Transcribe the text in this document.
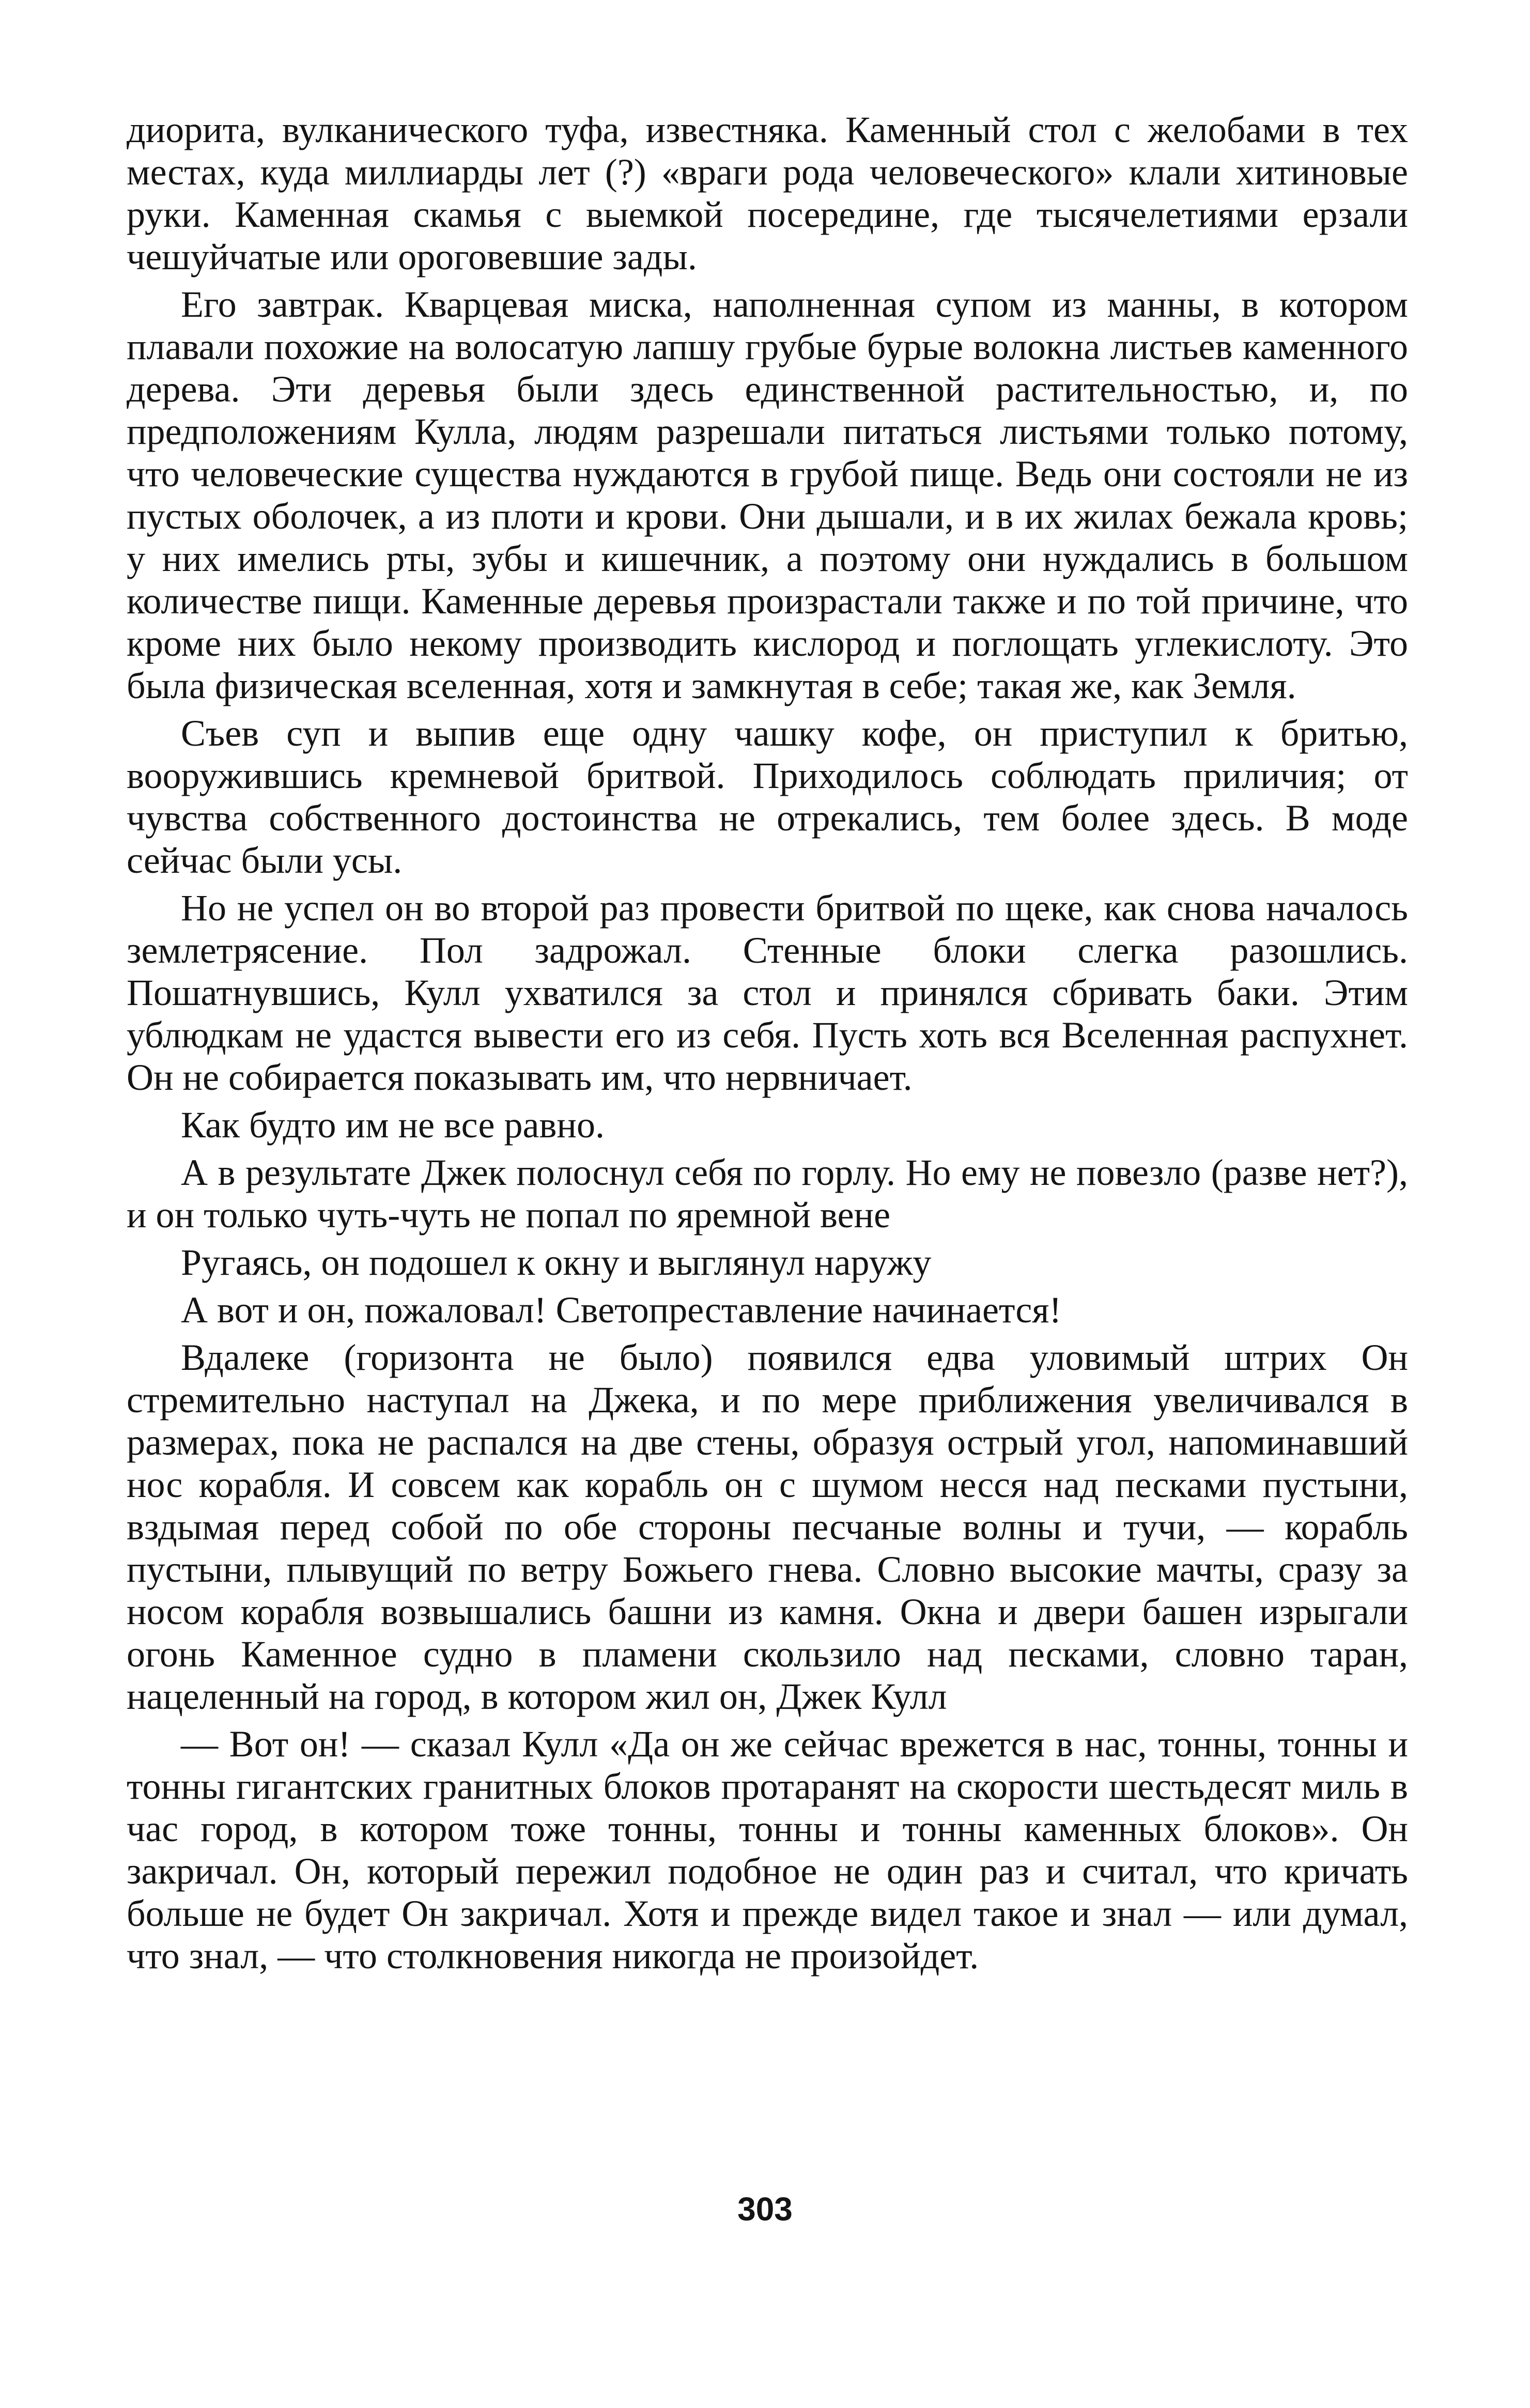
диорита, вулканического туфа, известняка. Каменный стол с желобами в тех местах, куда миллиарды лет (?) «враги рода человеческого» клали хитиновые руки. Каменная скамья с выемкой посередине, где тысячелетиями ерзали чешуйчатые или ороговевшие зады.

Его завтрак. Кварцевая миска, наполненная супом из манны, в котором плавали похожие на волосатую лапшу грубые бурые волокна листьев каменного дерева. Эти деревья были здесь единственной растительностью, и, по предположениям Кулла, людям разрешали питаться листьями только потому, что человеческие существа нуждаются в грубой пище. Ведь они состояли не из пустых оболочек, а из плоти и крови. Они дышали, и в их жилах бежала кровь; у них имелись рты, зубы и кишечник, а поэтому они нуждались в большом количестве пищи. Каменные деревья произрастали также и по той причине, что кроме них было некому производить кислород и поглощать углекислоту. Это была физическая вселенная, хотя и замкнутая в себе; такая же, как Земля.

Съев суп и выпив еще одну чашку кофе, он приступил к бритью, вооружившись кремневой бритвой. Приходилось соблюдать приличия; от чувства собственного достоинства не отрекались, тем более здесь. В моде сейчас были усы.

Но не успел он во второй раз провести бритвой по щеке, как снова началось землетрясение. Пол задрожал. Стенные блоки слегка разошлись. Пошатнувшись, Кулл ухватился за стол и принялся сбривать баки. Этим ублюдкам не удастся вывести его из себя. Пусть хоть вся Вселенная распухнет. Он не собирается показывать им, что нервничает.

Как будто им не все равно.

А в результате Джек полоснул себя по горлу. Но ему не повезло (разве нет?), и он только чуть-чуть не попал по яремной вене

Ругаясь, он подошел к окну и выглянул наружу

А вот и он, пожаловал! Светопреставление начинается!

Вдалеке (горизонта не было) появился едва уловимый штрих Он стремительно наступал на Джека, и по мере приближения увеличивался в размерах, пока не распался на две стены, образуя острый угол, напоминавший нос корабля. И совсем как корабль он с шумом несся над песками пустыни, вздымая перед собой по обе стороны песчаные волны и тучи, — корабль пустыни, плывущий по ветру Божьего гнева. Словно высокие мачты, сразу за носом корабля возвышались башни из камня. Окна и двери башен изрыгали огонь Каменное судно в пламени скользило над песками, словно таран, нацеленный на город, в котором жил он, Джек Кулл

— Вот он! — сказал Кулл «Да он же сейчас врежется в нас, тонны, тонны и тонны гигантских гранитных блоков протаранят на скорости шестьдесят миль в час город, в котором тоже тонны, тонны и тонны каменных блоков». Он закричал. Он, который пережил подобное не один раз и считал, что кричать больше не будет Он закричал. Хотя и прежде видел такое и знал — или думал, что знал, — что столкновения никогда не произойдет.

303
